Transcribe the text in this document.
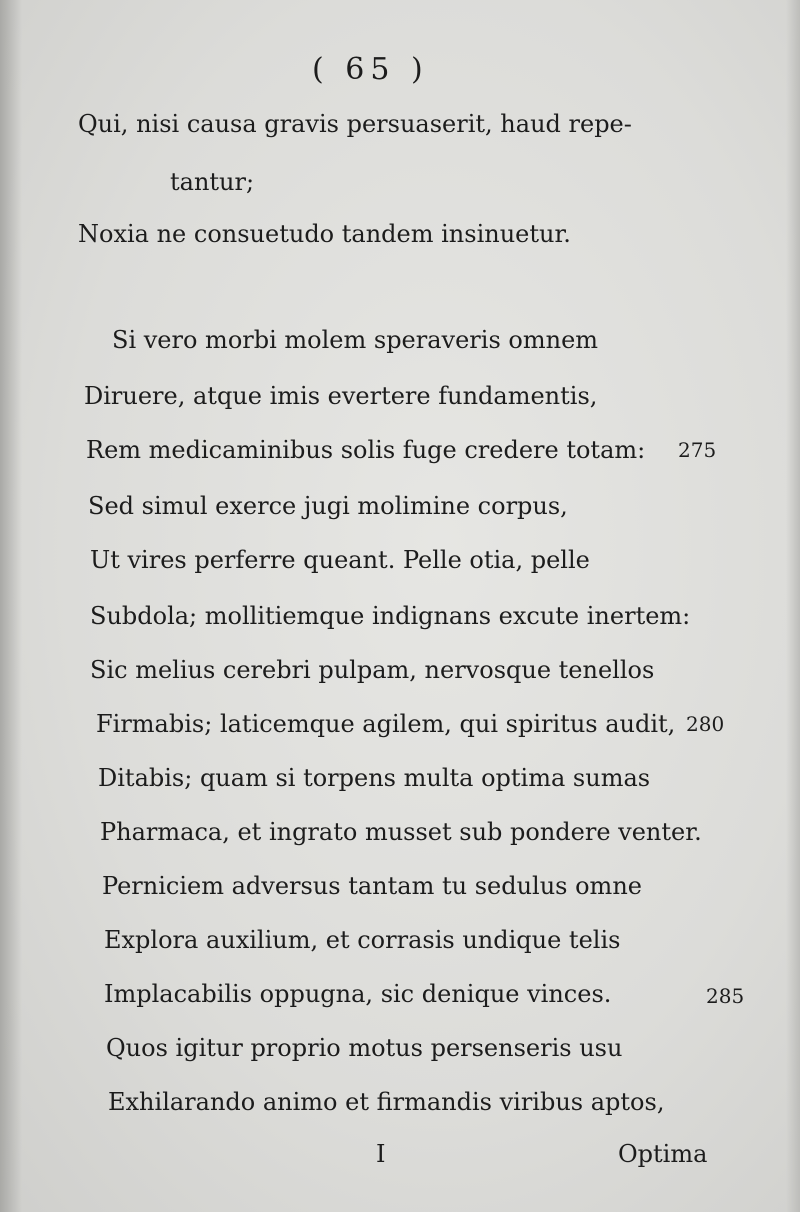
( 65 )
Qui, nisi causa gravis persuaserit, haud repe-
tantur;
Noxia ne consuetudo tandem insinuetur.
Si vero morbi molem speraveris omnem
Diruere, atque imis evertere fundamentis,
Rem medicaminibus solis fuge credere totam:
Sed simul exerce jugi molimine corpus,
Ut vires perferre queant. Pelle otia, pelle
Subdola; mollitiemque indignans excute inertem:
Sic melius cerebri pulpam, nervosque tenellos
Firmabis; laticemque agilem, qui spiritus audit,
Ditabis; quam si torpens multa optima sumas
Pharmaca, et ingrato musset sub pondere venter.
Perniciem adversus tantam tu sedulus omne
Explora auxilium, et corrasis undique telis
Implacabilis oppugna, sic denique vinces.
Quos igitur proprio motus persenseris usu
Exhilarando animo et firmandis viribus aptos,
275
280
285
I	Optima
